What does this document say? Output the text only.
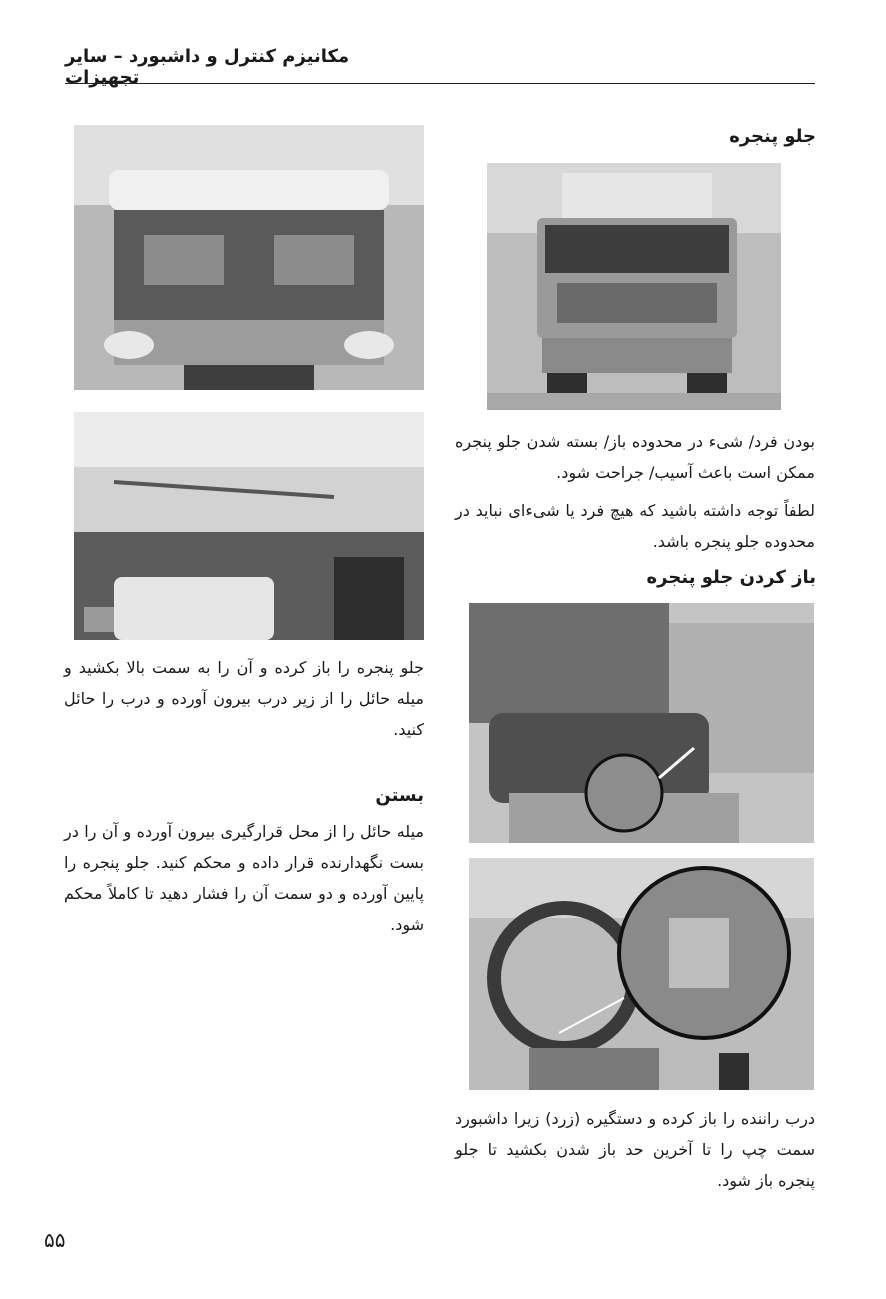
مکانیزم کنترل و داشبورد – سایر تجهیزات
جلو پنجره
بودن فرد/ شیء در محدوده باز/ بسته شدن جلو پنجره ممکن است باعث آسیب/ جراحت شود.
لطفاً توجه داشته باشید که هیچ فرد یا شیء‌ای نباید در محدوده جلو پنجره باشد.
باز کردن جلو پنجره
درب راننده را باز کرده و دستگیره (زرد) زیرا داشبورد سمت چپ را تا آخرین حد باز شدن بکشید تا جلو پنجره باز شود.
جلو پنجره را باز کرده و آن را به سمت بالا بکشید و میله حائل را از زیر درب بیرون آورده و درب را حائل کنید.
بستن
میله حائل را از محل قرارگیری بیرون آورده و آن را در بست نگهدارنده قرار داده و محکم کنید. جلو پنجره را پایین آورده و دو سمت آن را فشار دهید تا کاملاً محکم شود.
۵۵
